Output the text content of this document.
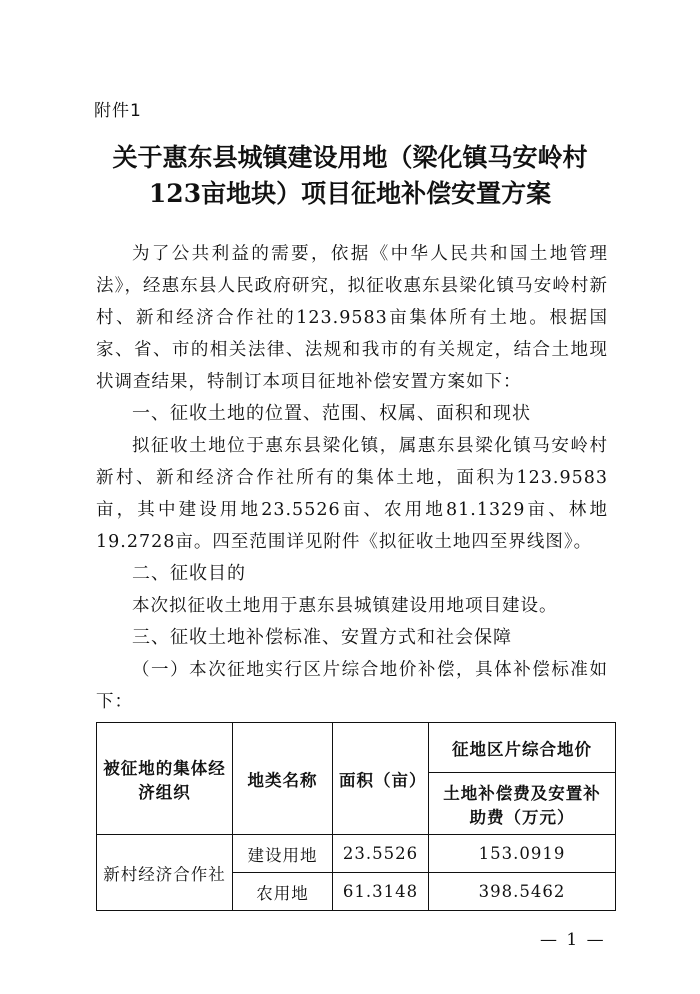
附件1
关于惠东县城镇建设用地（梁化镇马安岭村
123亩地块）项目征地补偿安置方案

为了公共利益的需要，依据《中华人民共和国土地管理法》，经惠东县人民政府研究，拟征收惠东县梁化镇马安岭村新村、新和经济合作社的123.9583亩集体所有土地。根据国家、省、市的相关法律、法规和我市的有关规定，结合土地现状调查结果，特制订本项目征地补偿安置方案如下：

一、征收土地的位置、范围、权属、面积和现状

拟征收土地位于惠东县梁化镇，属惠东县梁化镇马安岭村新村、新和经济合作社所有的集体土地，面积为123.9583亩，其中建设用地23.5526亩、农用地81.1329亩、林地19.2728亩。四至范围详见附件《拟征收土地四至界线图》。

二、征收目的

本次拟征收土地用于惠东县城镇建设用地项目建设。

三、征收土地补偿标准、安置方式和社会保障

（一）本次征地实行区片综合地价补偿，具体补偿标准如下：

被征地的集体经济组织	地类名称	面积（亩）	征地区片综合地价
			土地补偿费及安置补助费（万元）
新村经济合作社	建设用地	23.5526	153.0919
	农用地	61.3148	398.5462
— 1 —
